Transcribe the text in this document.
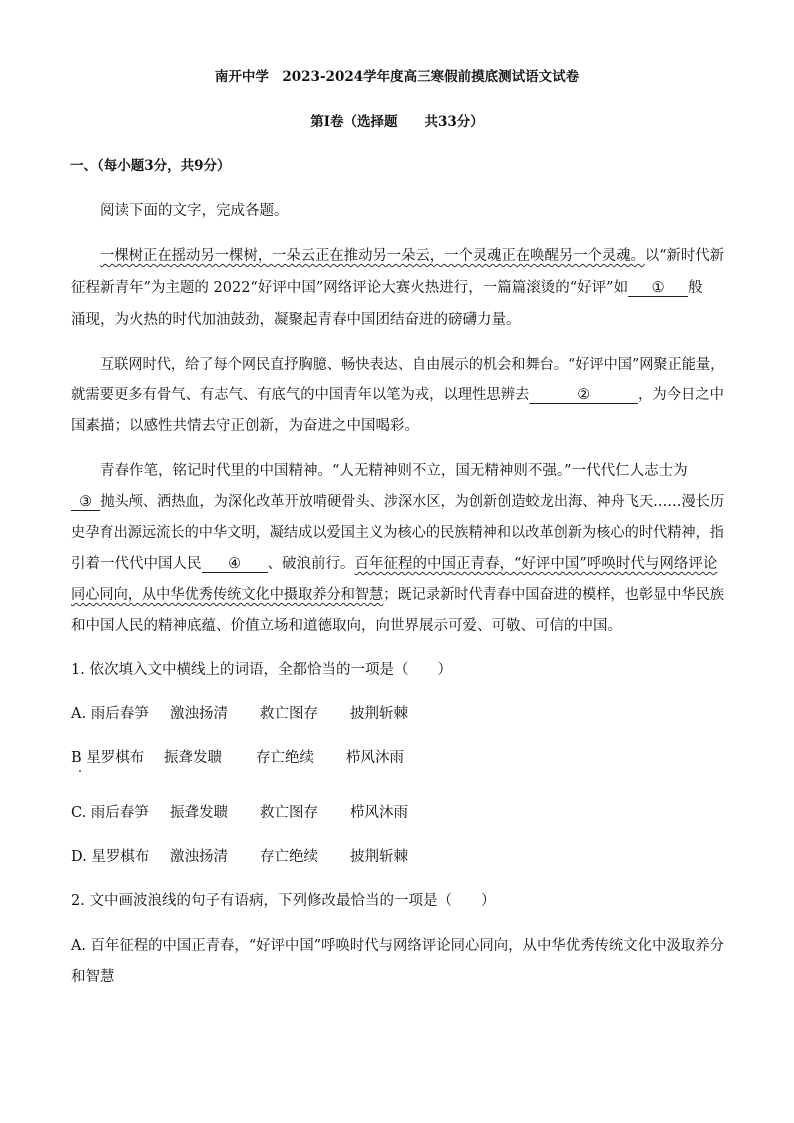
南开中学　2023-2024学年度高三寒假前摸底测试语文试卷
第Ⅰ卷（选择题　　共33分）
一、（每小题3分，共9分）
阅读下面的文字，完成各题。
一棵树正在摇动另一棵树，一朵云正在推动另一朵云，一个灵魂正在唤醒另一个灵魂。以“新时代新
征程新青年”为主题的 2022“好评中国”网络评论大赛火热进行，一篇篇滚烫的“好评”如 ① 般
涌现，为火热的时代加油鼓劲，凝聚起青春中国团结奋进的磅礴力量。
互联网时代，给了每个网民直抒胸臆、畅快表达、自由展示的机会和舞台。“好评中国”网聚正能量，
就需要更多有骨气、有志气、有底气的中国青年以笔为戎，以理性思辨去	②	，为今日之中
国素描；以感性共情去守正创新，为奋进之中国喝彩。
青春作笔，铭记时代里的中国精神。“人无精神则不立，国无精神则不强。”一代代仁人志士为
③ 抛头颅、洒热血，为深化改革开放啃硬骨头、涉深水区，为创新创造蛟龙出海、神舟飞天……漫长历
史孕育出源远流长的中华文明，凝结成以爱国主义为核心的民族精神和以改革创新为核心的时代精神，指
引着一代代中国人民 ④ 、破浪前行。百年征程的中国正青春，“好评中国”呼唤时代与网络评论
同心同向，从中华优秀传统文化中摄取养分和智慧；既记录新时代青春中国奋进的模样，也彰显中华民族
和中国人民的精神底蕴、价值立场和道德取向，向世界展示可爱、可敬、可信的中国。
1. 依次填入文中横线上的词语，全都恰当的一项是（　　）
A. 雨后春笋 激浊扬清 救亡图存 披荆斩棘
B 星罗棋布 振聋发聩 存亡绝续 栉风沐雨
C. 雨后春笋 振聋发聩 救亡图存 栉风沐雨
D. 星罗棋布 激浊扬清 存亡绝续 披荆斩棘
2. 文中画波浪线的句子有语病，下列修改最恰当的一项是（　　）
A. 百年征程的中国正青春，“好评中国”呼唤时代与网络评论同心同向，从中华优秀传统文化中汲取养分
和智慧
